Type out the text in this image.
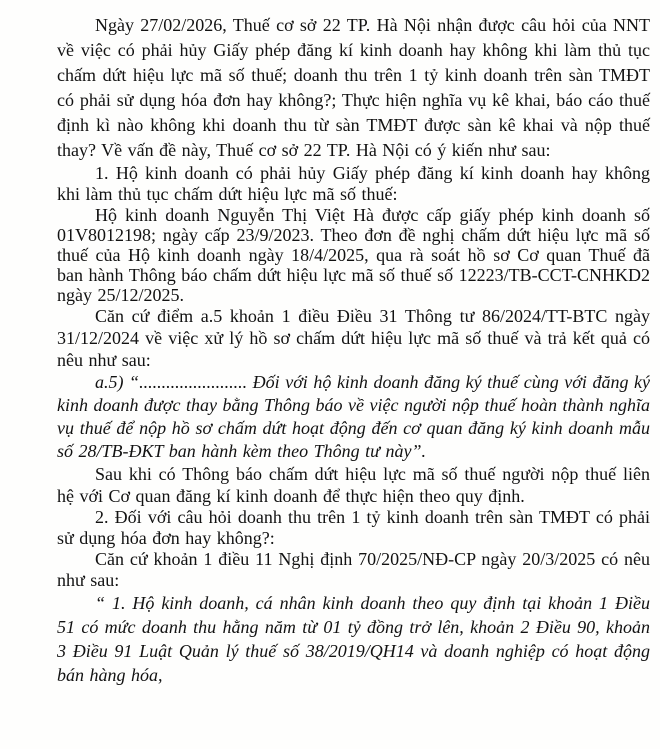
Ngày 27/02/2026, Thuế cơ sở 22 TP. Hà Nội nhận được câu hỏi của NNT về việc có phải hủy Giấy phép đăng kí kinh doanh hay không khi làm thủ tục chấm dứt hiệu lực mã số thuế; doanh thu trên 1 tỷ kinh doanh trên sàn TMĐT có phải sử dụng hóa đơn hay không?; Thực hiện nghĩa vụ kê khai, báo cáo thuế định kì nào không khi doanh thu từ sàn TMĐT được sàn kê khai và nộp thuế thay? Về vấn đề này, Thuế cơ sở 22 TP. Hà Nội có ý kiến như sau:

1. Hộ kinh doanh có phải hủy Giấy phép đăng kí kinh doanh hay không khi làm thủ tục chấm dứt hiệu lực mã số thuế:

Hộ kinh doanh Nguyễn Thị Việt Hà được cấp giấy phép kinh doanh số 01V8012198; ngày cấp 23/9/2023. Theo đơn đề nghị chấm dứt hiệu lực mã số thuế của Hộ kinh doanh ngày 18/4/2025, qua rà soát hồ sơ Cơ quan Thuế đã ban hành Thông báo chấm dứt hiệu lực mã số thuế số 12223/TB-CCT-CNHKD2 ngày 25/12/2025.

Căn cứ điểm a.5 khoản 1 điều Điều 31 Thông tư 86/2024/TT-BTC ngày 31/12/2024 về việc xử lý hồ sơ chấm dứt hiệu lực mã số thuế và trả kết quả có nêu như sau:

a.5) “........................ Đối với hộ kinh doanh đăng ký thuế cùng với đăng ký kinh doanh được thay bằng Thông báo về việc người nộp thuế hoàn thành nghĩa vụ thuế để nộp hồ sơ chấm dứt hoạt động đến cơ quan đăng ký kinh doanh mẫu số 28/TB-ĐKT ban hành kèm theo Thông tư này”.

Sau khi có Thông báo chấm dứt hiệu lực mã số thuế người nộp thuế liên hệ với Cơ quan đăng kí kinh doanh để thực hiện theo quy định.

2. Đối với câu hỏi doanh thu trên 1 tỷ kinh doanh trên sàn TMĐT có phải sử dụng hóa đơn hay không?:

Căn cứ khoản 1 điều 11 Nghị định 70/2025/NĐ-CP ngày 20/3/2025 có nêu như sau:

“ 1. Hộ kinh doanh, cá nhân kinh doanh theo quy định tại khoản 1 Điều 51 có mức doanh thu hằng năm từ 01 tỷ đồng trở lên, khoản 2 Điều 90, khoản 3 Điều 91 Luật Quản lý thuế số 38/2019/QH14 và doanh nghiệp có hoạt động bán hàng hóa,
